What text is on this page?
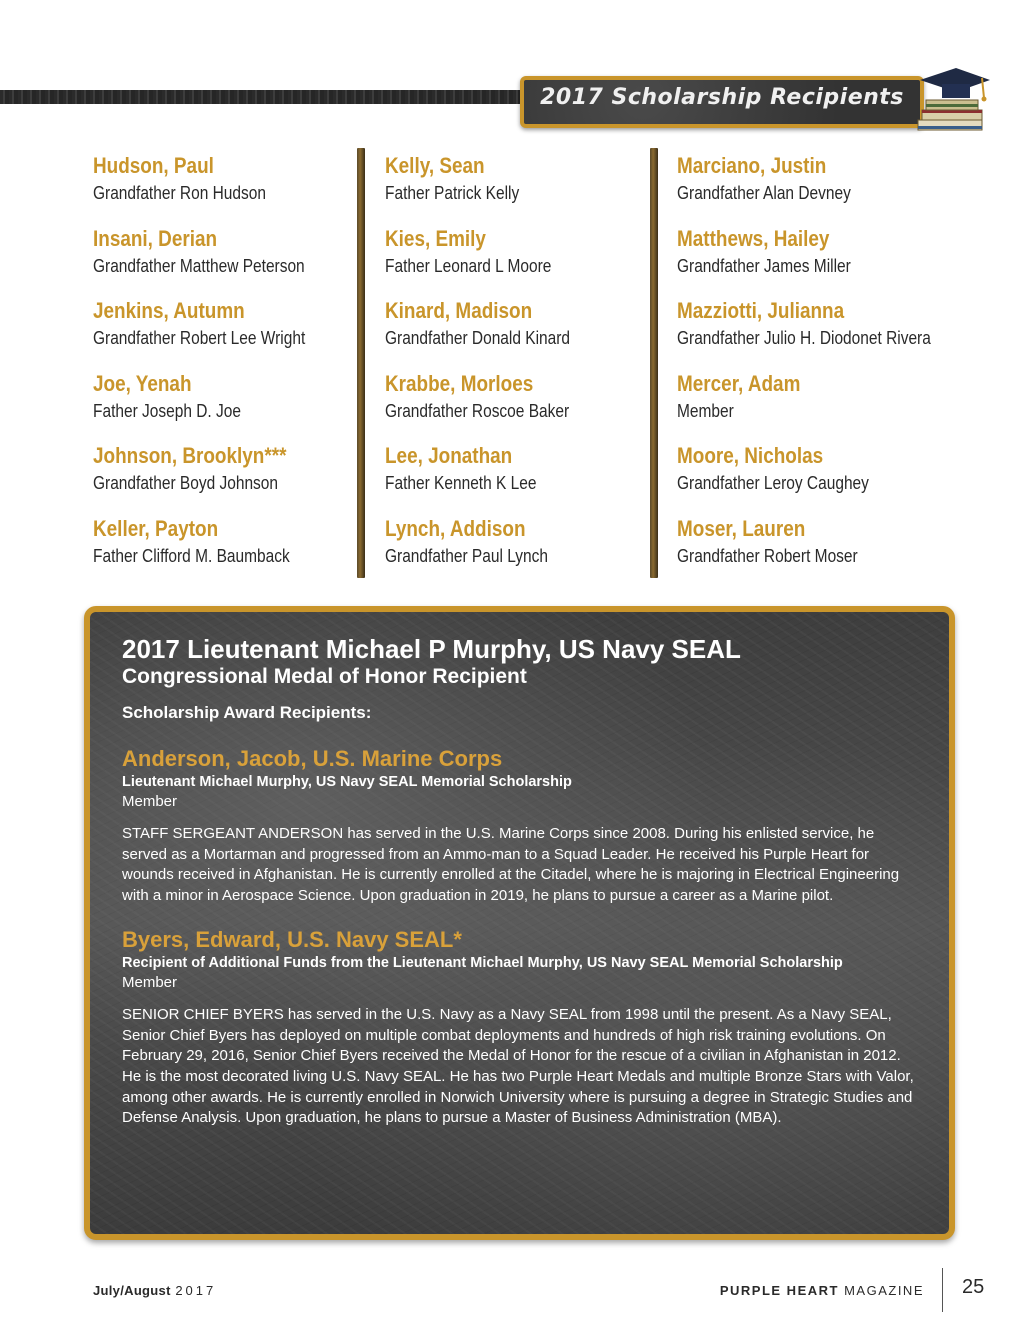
2017 Scholarship Recipients
Hudson, Paul
Grandfather Ron Hudson
Insani, Derian
Grandfather Matthew Peterson
Jenkins, Autumn
Grandfather Robert Lee Wright
Joe, Yenah
Father Joseph D. Joe
Johnson, Brooklyn***
Grandfather Boyd Johnson
Keller, Payton
Father Clifford M. Baumback
Kelly, Sean
Father Patrick Kelly
Kies, Emily
Father Leonard L Moore
Kinard, Madison
Grandfather Donald Kinard
Krabbe, Morloes
Grandfather Roscoe Baker
Lee, Jonathan
Father Kenneth K Lee
Lynch, Addison
Grandfather Paul Lynch
Marciano, Justin
Grandfather Alan Devney
Matthews, Hailey
Grandfather James Miller
Mazziotti, Julianna
Grandfather Julio H. Diodonet Rivera
Mercer, Adam
Member
Moore, Nicholas
Grandfather Leroy Caughey
Moser, Lauren
Grandfather Robert Moser
2017 Lieutenant Michael P Murphy, US Navy SEAL
Congressional Medal of Honor Recipient
Scholarship Award Recipients:
Anderson, Jacob, U.S. Marine Corps
Lieutenant Michael Murphy, US Navy SEAL Memorial Scholarship
Member
STAFF SERGEANT ANDERSON has served in the U.S. Marine Corps since 2008. During his enlisted service, he served as a Mortarman and progressed from an Ammo-man to a Squad Leader. He received his Purple Heart for wounds received in Afghanistan. He is currently enrolled at the Citadel, where he is majoring in Electrical Engineering with a minor in Aerospace Science. Upon graduation in 2019, he plans to pursue a career as a Marine pilot.
Byers, Edward, U.S. Navy SEAL*
Recipient of Additional Funds from the Lieutenant Michael Murphy, US Navy SEAL Memorial Scholarship
Member
SENIOR CHIEF BYERS has served in the U.S. Navy as a Navy SEAL from 1998 until the present. As a Navy SEAL, Senior Chief Byers has deployed on multiple combat deployments and hundreds of high risk training evolutions. On February 29, 2016, Senior Chief Byers received the Medal of Honor for the rescue of a civilian in Afghanistan in 2012. He is the most decorated living U.S. Navy SEAL. He has two Purple Heart Medals and multiple Bronze Stars with Valor, among other awards. He is currently enrolled in Norwich University where is pursuing a degree in Strategic Studies and Defense Analysis. Upon graduation, he plans to pursue a Master of Business Administration (MBA).
July/August 2017	PURPLE HEART MAGAZINE 25
